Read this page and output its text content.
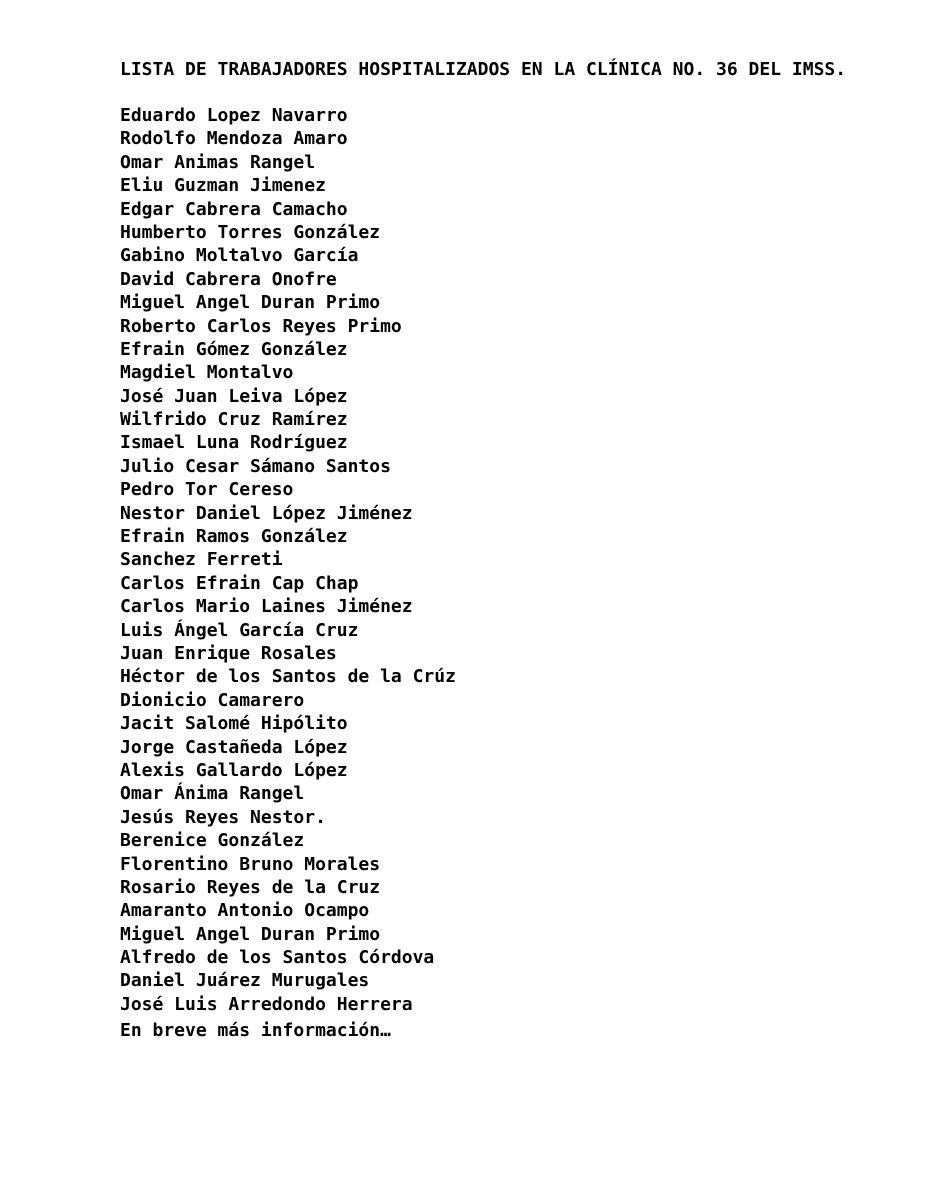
LISTA DE TRABAJADORES HOSPITALIZADOS EN LA CLÍNICA NO. 36 DEL IMSS.
Eduardo Lopez Navarro
Rodolfo Mendoza Amaro
Omar Animas Rangel
Eliu Guzman Jimenez
Edgar Cabrera Camacho
Humberto Torres González
Gabino Moltalvo García
David Cabrera Onofre
Miguel Angel Duran Primo
Roberto Carlos Reyes Primo
Efrain Gómez González
Magdiel Montalvo
José Juan Leiva López
Wilfrido Cruz Ramírez
Ismael Luna Rodríguez
Julio Cesar Sámano Santos
Pedro Tor Cereso
Nestor Daniel López Jiménez
Efrain Ramos González
Sanchez Ferreti
Carlos Efrain Cap Chap
Carlos Mario Laines Jiménez
Luis Ángel García Cruz
Juan Enrique Rosales
Héctor de los Santos de la Crúz
Dionicio Camarero
Jacit Salomé Hipólito
Jorge Castañeda López
Alexis Gallardo López
Omar Ánima Rangel
Jesús Reyes Nestor.
Berenice González
Florentino Bruno Morales
Rosario Reyes de la Cruz
Amaranto Antonio Ocampo
Miguel Angel Duran Primo
Alfredo de los Santos Córdova
Daniel Juárez Murugales
José Luis Arredondo Herrera
En breve más información…
